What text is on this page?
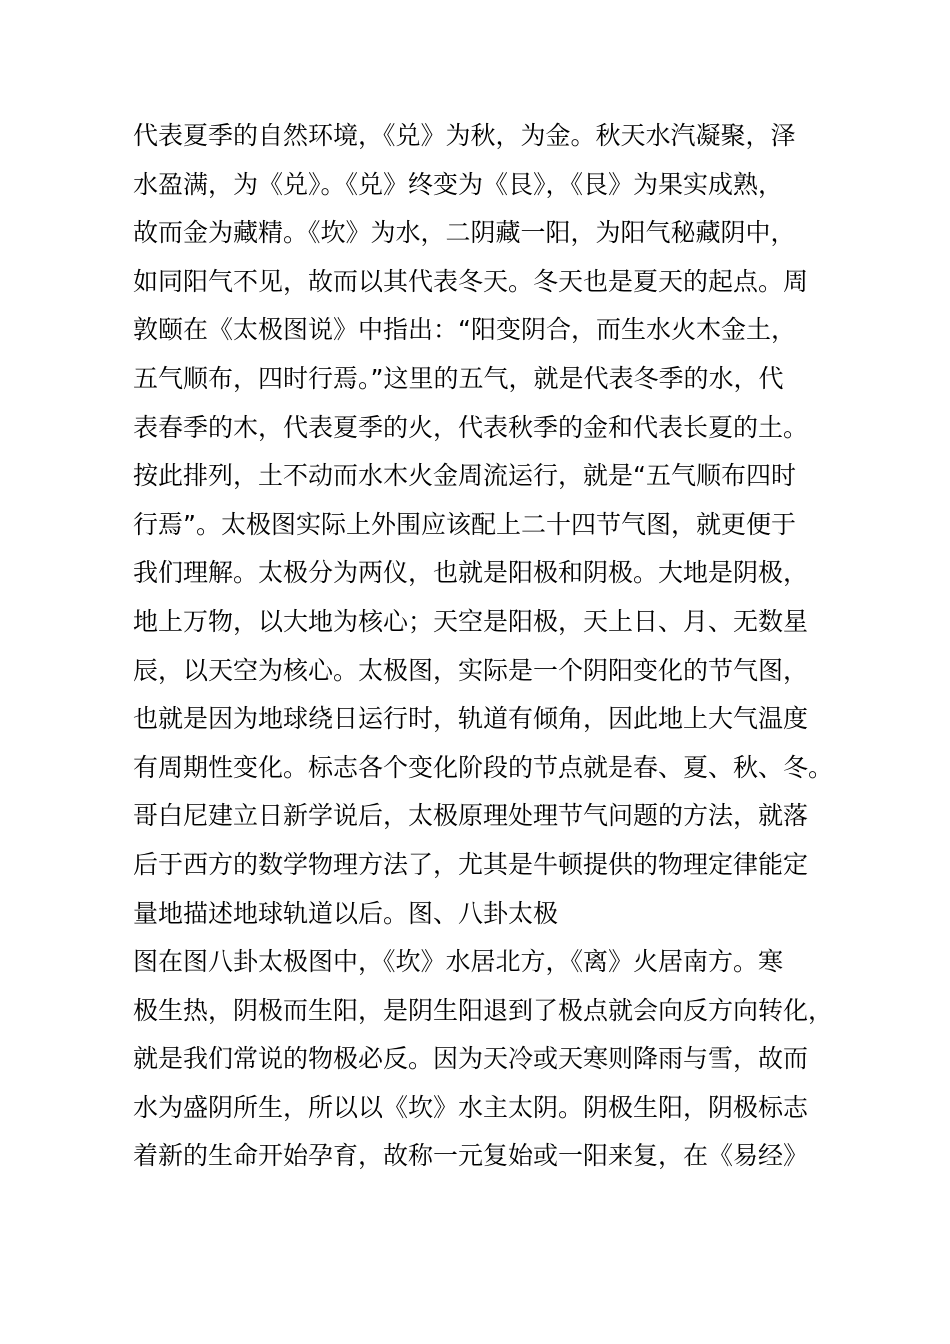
代表夏季的自然环境，《兑》为秋，为金。秋天水汽凝聚，泽
水盈满，为《兑》。《兑》终变为《艮》，《艮》为果实成熟，
故而金为藏精。《坎》为水，二阴藏一阳，为阳气秘藏阴中，
如同阳气不见，故而以其代表冬天。冬天也是夏天的起点。周
敦颐在《太极图说》中指出：“阳变阴合，而生水火木金土，
五气顺布，四时行焉。”这里的五气，就是代表冬季的水，代
表春季的木，代表夏季的火，代表秋季的金和代表长夏的土。
按此排列，土不动而水木火金周流运行，就是“五气顺布四时
行焉”。太极图实际上外围应该配上二十四节气图，就更便于
我们理解。太极分为两仪，也就是阳极和阴极。大地是阴极，
地上万物，以大地为核心；天空是阳极，天上日、月、无数星
辰，以天空为核心。太极图，实际是一个阴阳变化的节气图，
也就是因为地球绕日运行时，轨道有倾角，因此地上大气温度
有周期性变化。标志各个变化阶段的节点就是春、夏、秋、冬。
哥白尼建立日新学说后，太极原理处理节气问题的方法，就落
后于西方的数学物理方法了，尤其是牛顿提供的物理定律能定
量地描述地球轨道以后。图、八卦太极
图在图八卦太极图中，《坎》水居北方，《离》火居南方。寒
极生热，阴极而生阳，是阴生阳退到了极点就会向反方向转化，
就是我们常说的物极必反。因为天冷或天寒则降雨与雪，故而
水为盛阴所生，所以以《坎》水主太阴。阴极生阳，阴极标志
着新的生命开始孕育，故称一元复始或一阳来复，在《易经》
